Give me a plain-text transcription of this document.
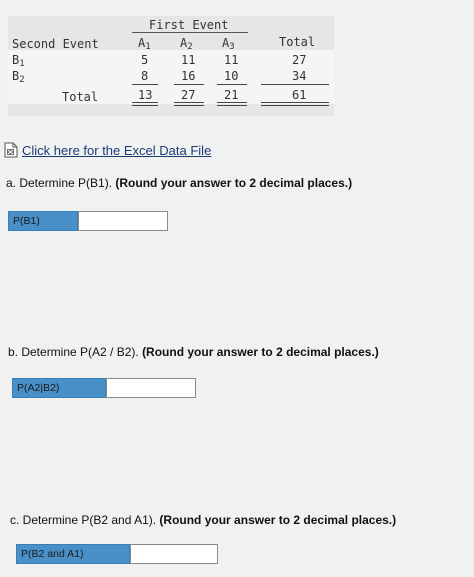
First Event
Second Event	$A_1$ $A_2$ $A_3$	Total
$B_1$	5	11 11	27
$B_2$	8	16 10	34
Total	13 27 21	61
Click here for the Excel Data File
a. Determine P(B1). (Round your answer to 2 decimal places.)
P(B1)
b. Determine P(A2 / B2). (Round your answer to 2 decimal places.)
P(A2|B2)
c. Determine P(B2 and A1). (Round your answer to 2 decimal places.)
P(B2 and A1)
